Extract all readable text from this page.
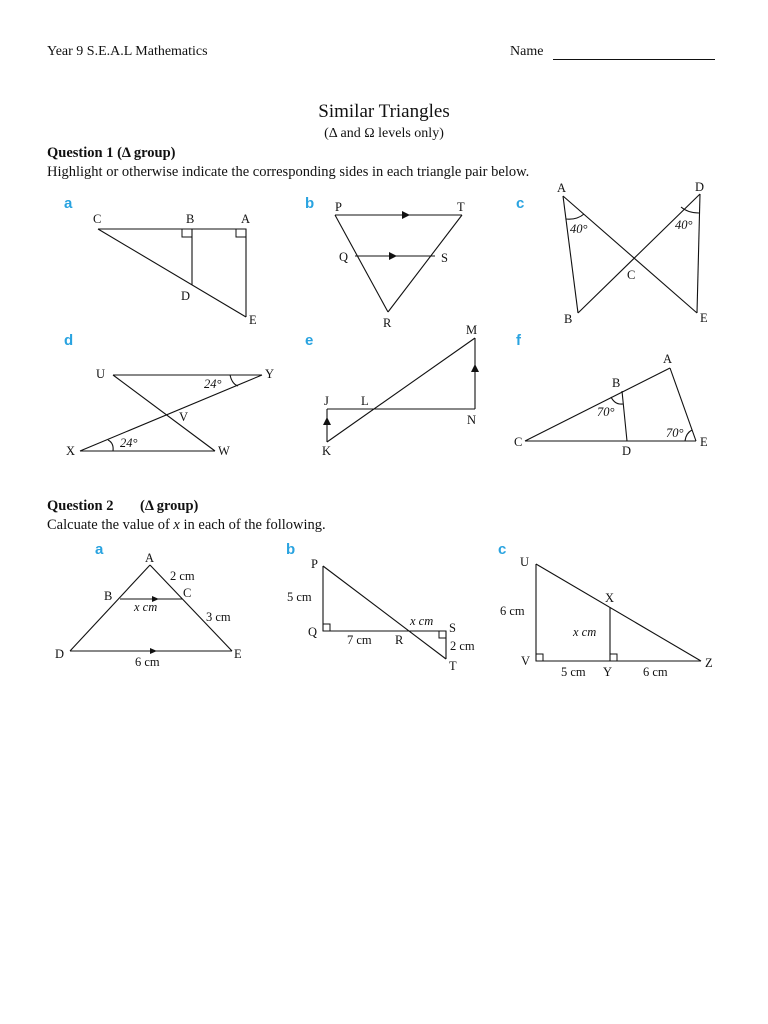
Year 9 S.E.A.L Mathematics	Name
Similar Triangles
(Δ and Ω levels only)
Question 1 (Δ group)
Highlight or otherwise indicate the corresponding sides in each triangle pair below.
a	b	c
d	e	f
C	B	A
D
E
P	T
Q	S
R
A	D
C
B	E
40°	40°
U	Y
V
X	W
24°
24°
M
J	L
N
K
A
B
C
D
E
70°
70°
Question 2 (Δ group)
Calcuate the value of x in each of the following.
a	b	c
A
B	C
D	E
2 cm
x cm
3 cm
6 cm
P
Q
R
S
T
5 cm
7 cm
x cm
2 cm
U
X
V
Y
Z
6 cm
x cm
5 cm	6 cm
